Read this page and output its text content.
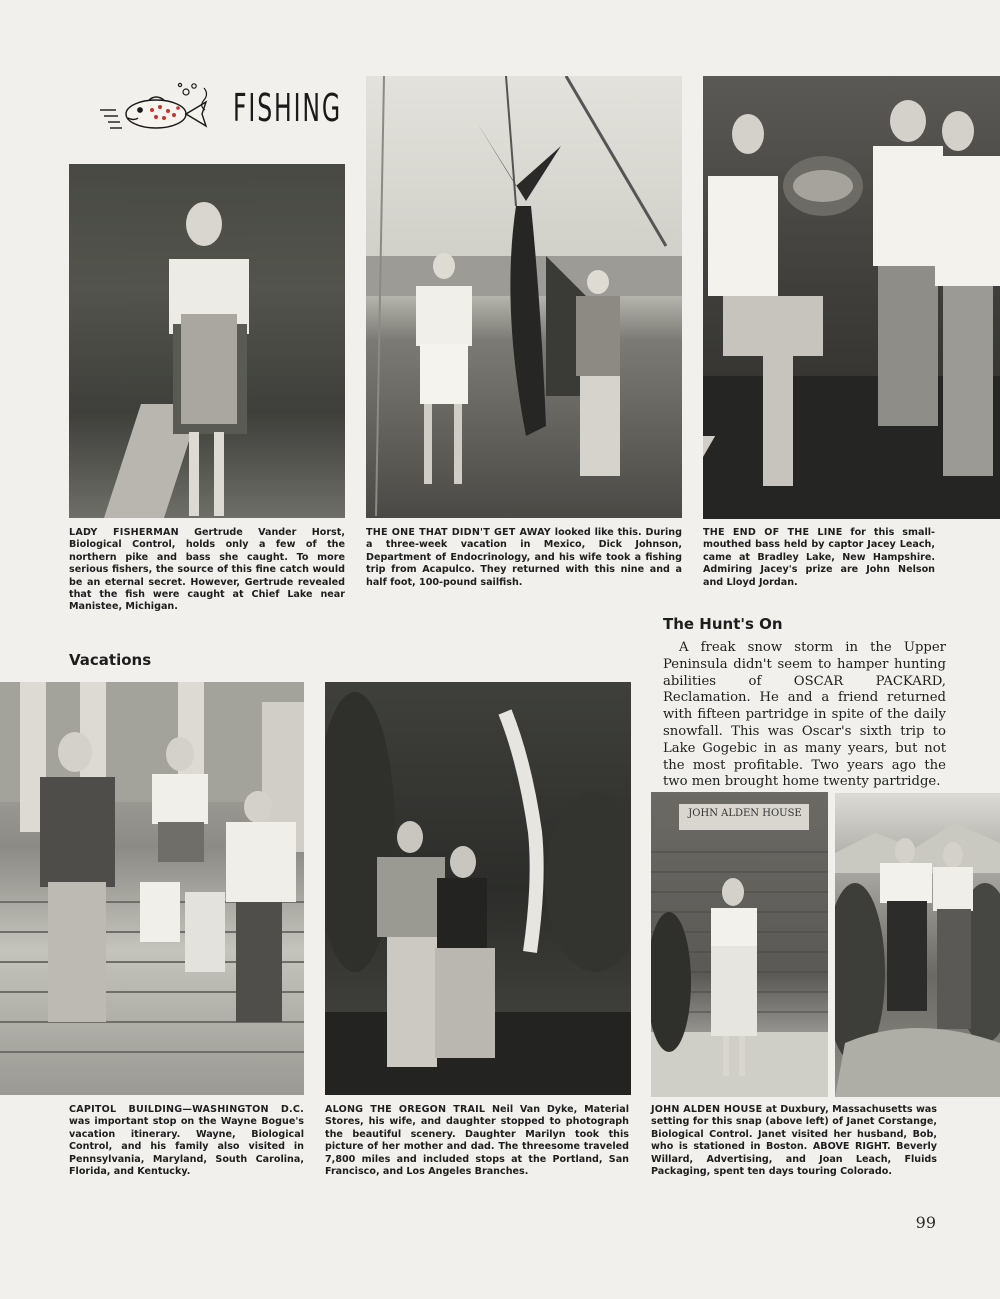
FISHING
LADY FISHERMAN Gertrude Vander Horst, Biological Control, holds only a few of the northern pike and bass she caught. To more serious fishers, the source of this fine catch would be an eternal secret. However, Gertrude revealed that the fish were caught at Chief Lake near Manistee, Michigan.
THE ONE THAT DIDN'T GET AWAY looked like this. During a three-week vacation in Mexico, Dick Johnson, Department of Endocrinology, and his wife took a fishing trip from Acapulco. They returned with this nine and a half foot, 100-pound sailfish.
THE END OF THE LINE for this small-mouthed bass held by captor Jacey Leach, came at Bradley Lake, New Hampshire. Admiring Jacey's prize are John Nelson and Lloyd Jordan.
Vacations
The Hunt's On
A freak snow storm in the Upper Peninsula didn't seem to hamper hunting abilities of OSCAR PACKARD, Reclamation. He and a friend returned with fifteen partridge in spite of the daily snowfall. This was Oscar's sixth trip to Lake Gogebic in as many years, but not the most profitable. Two years ago the two men brought home twenty partridge.
JOHN ALDEN HOUSE
CAPITOL BUILDING—WASHINGTON D.C. was important stop on the Wayne Bogue's vacation itinerary. Wayne, Biological Control, and his family also visited in Pennsylvania, Maryland, South Carolina, Florida, and Kentucky.
ALONG THE OREGON TRAIL Neil Van Dyke, Material Stores, his wife, and daughter stopped to photograph the beautiful scenery. Daughter Marilyn took this picture of her mother and dad. The threesome traveled 7,800 miles and included stops at the Portland, San Francisco, and Los Angeles Branches.
JOHN ALDEN HOUSE at Duxbury, Massachusetts was setting for this snap (above left) of Janet Corstange, Biological Control. Janet visited her husband, Bob, who is stationed in Boston. ABOVE RIGHT. Beverly Willard, Advertising, and Joan Leach, Fluids Packaging, spent ten days touring Colorado.
99
